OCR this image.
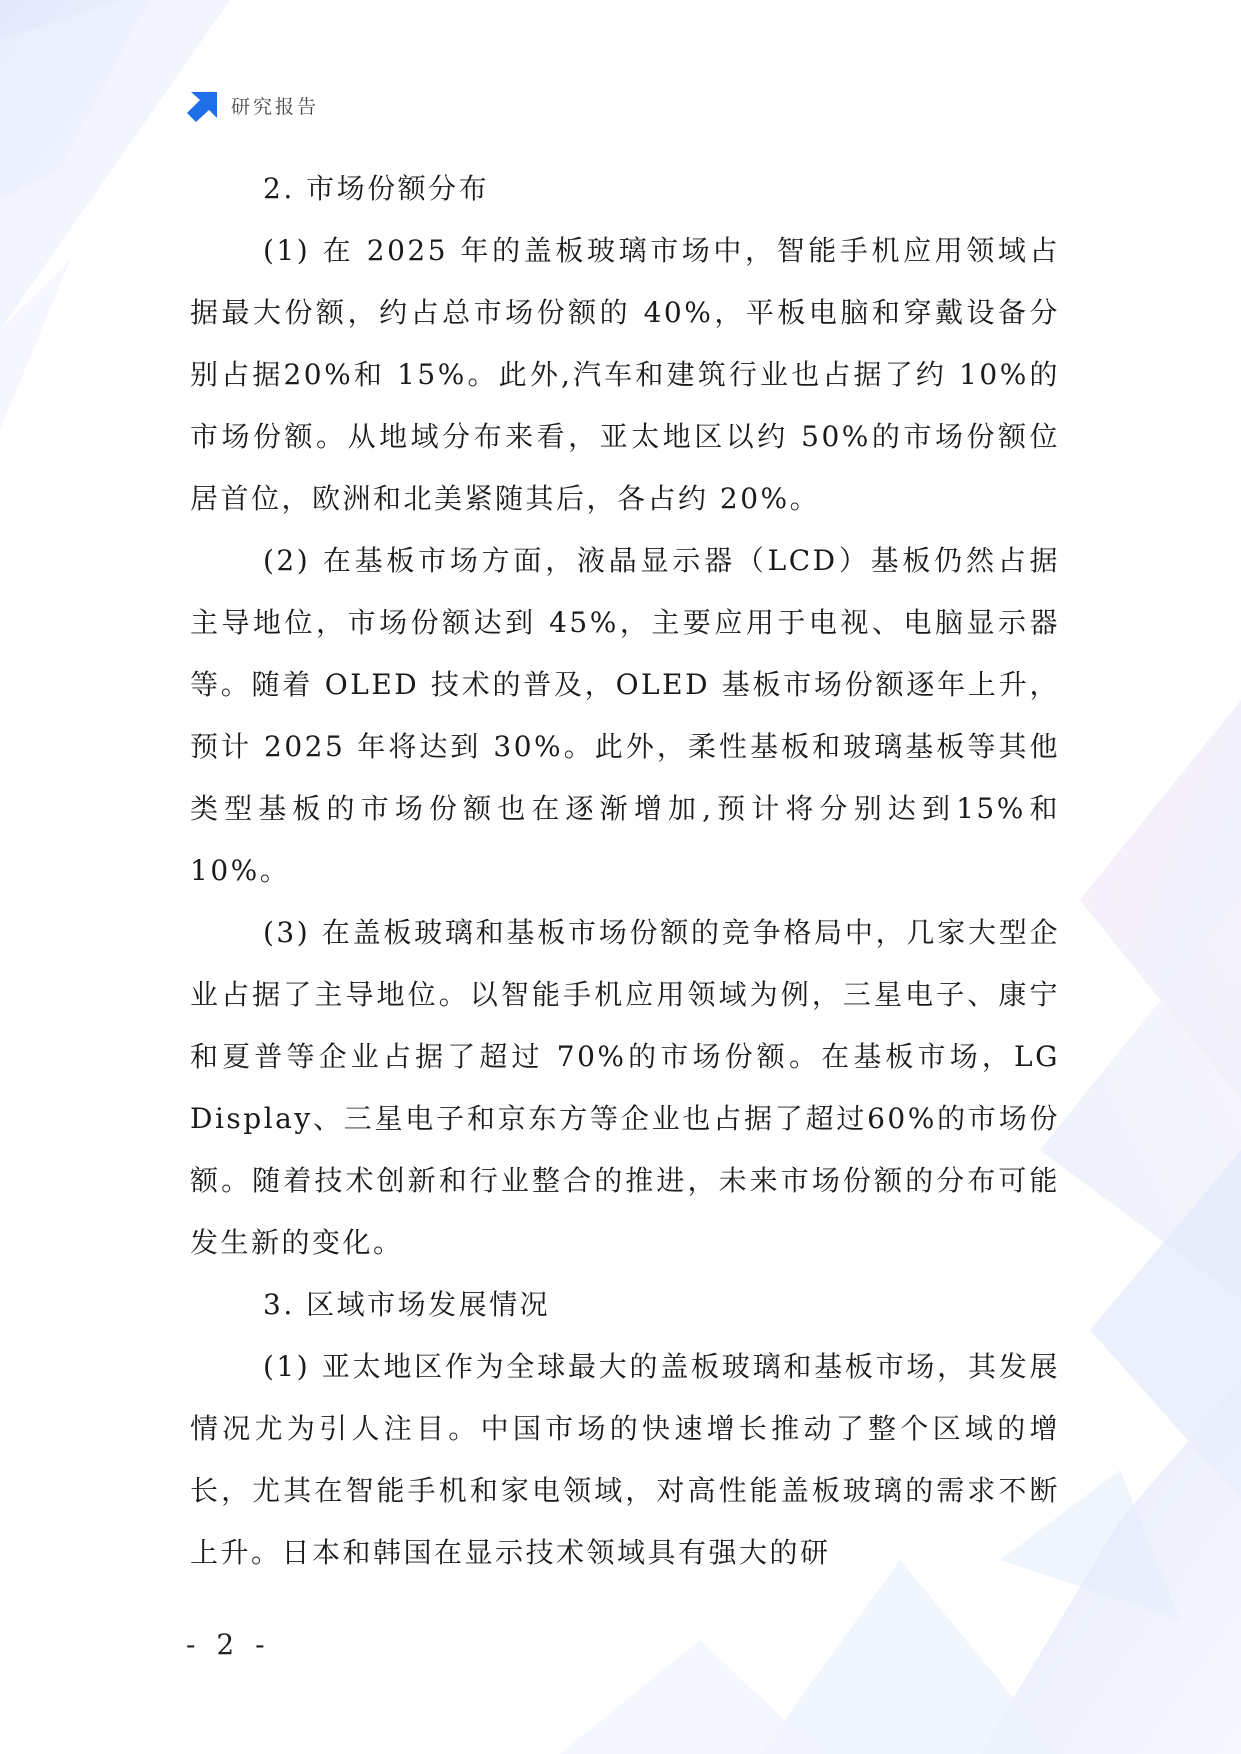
研究报告
2. 市场份额分布

(1) 在 2025 年的盖板玻璃市场中，智能手机应用领域占据最大份额，约占总市场份额的 40%，平板电脑和穿戴设备分别占据20%和 15%。此外,汽车和建筑行业也占据了约 10%的市场份额。从地域分布来看，亚太地区以约 50%的市场份额位居首位，欧洲和北美紧随其后，各占约 20%。

(2) 在基板市场方面，液晶显示器（LCD）基板仍然占据主导地位，市场份额达到 45%，主要应用于电视、电脑显示器等。随着 OLED 技术的普及，OLED 基板市场份额逐年上升，预计 2025 年将达到 30%。此外，柔性基板和玻璃基板等其他类型基板的市场份额也在逐渐增加,预计将分别达到15%和 10%。

(3) 在盖板玻璃和基板市场份额的竞争格局中，几家大型企业占据了主导地位。以智能手机应用领域为例，三星电子、康宁和夏普等企业占据了超过 70%的市场份额。在基板市场，LG Display、三星电子和京东方等企业也占据了超过60%的市场份额。随着技术创新和行业整合的推进，未来市场份额的分布可能发生新的变化。

3. 区域市场发展情况

(1) 亚太地区作为全球最大的盖板玻璃和基板市场，其发展情况尤为引人注目。中国市场的快速增长推动了整个区域的增长，尤其在智能手机和家电领域，对高性能盖板玻璃的需求不断上升。日本和韩国在显示技术领域具有强大的研

- 2 -
